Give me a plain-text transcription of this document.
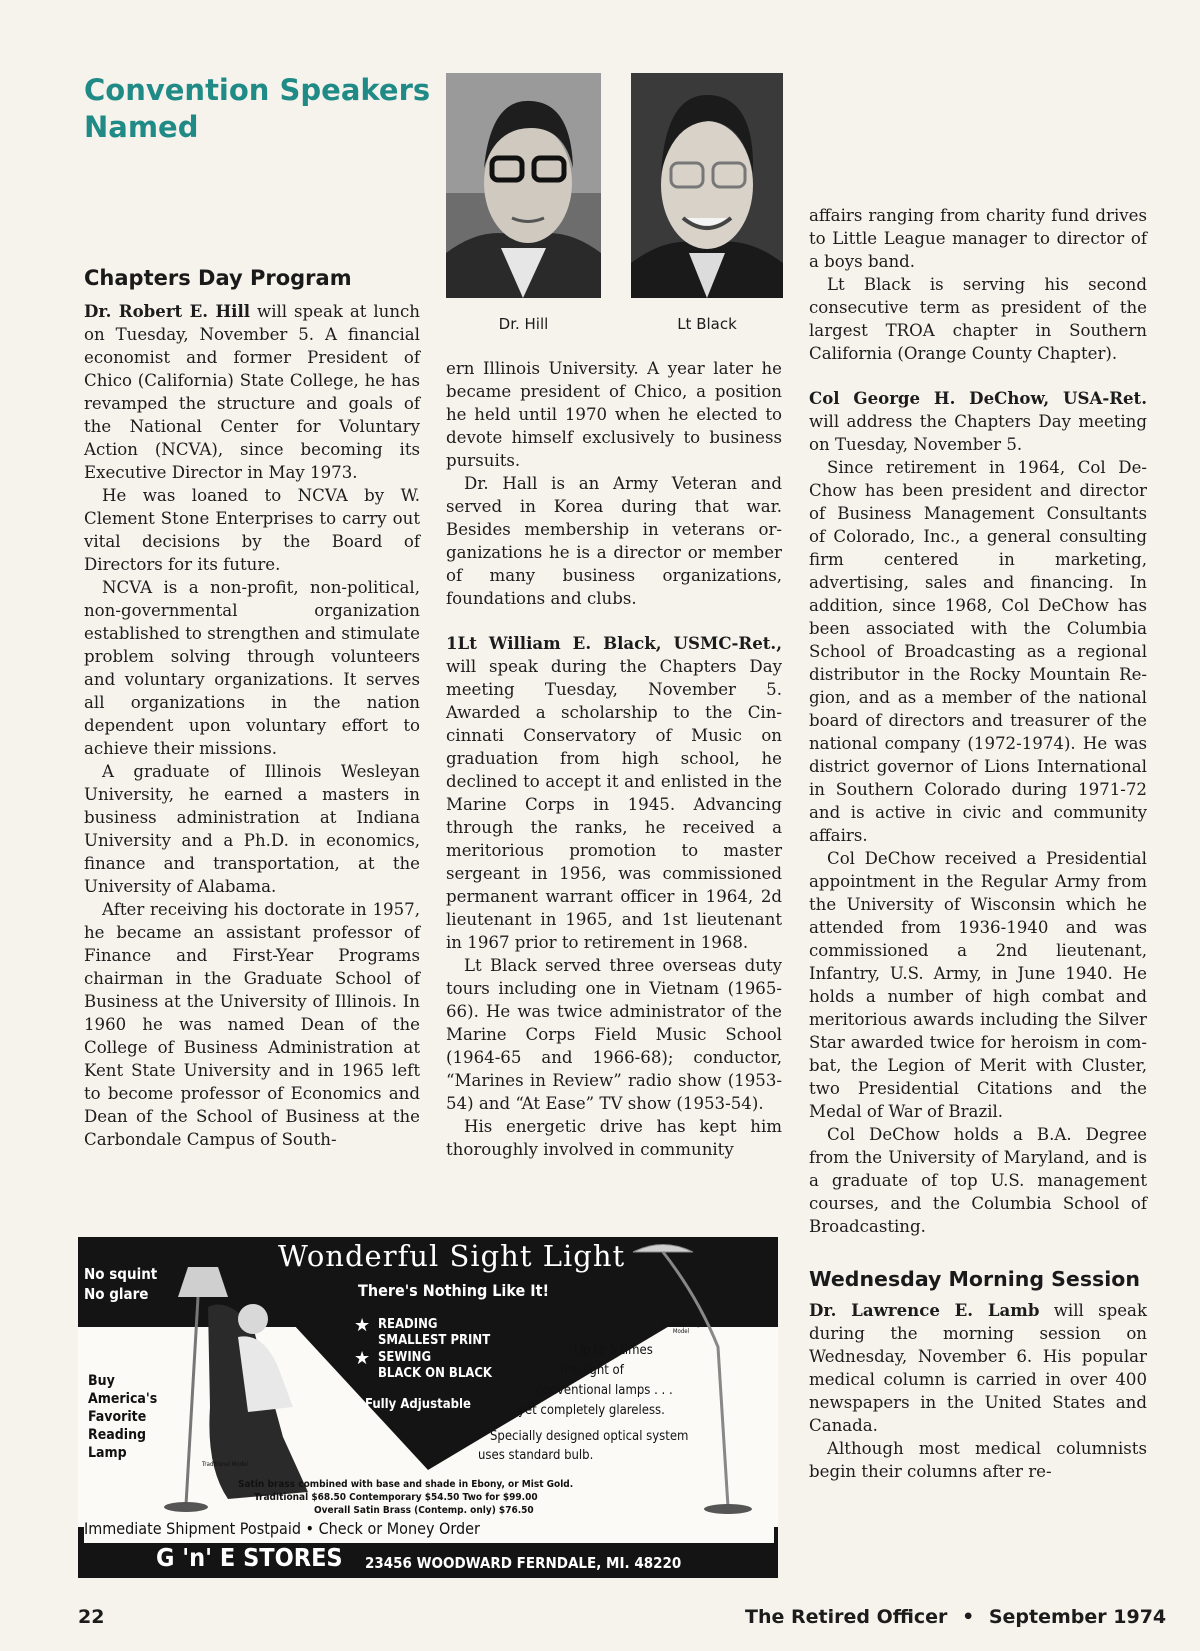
Convention Speakers
Named
Dr. Hill	Lt Black
Chapters Day Program

Dr. Robert E. Hill will speak at lunch on Tuesday, November 5. A financial economist and former President of Chico (California) State College, he has revamped the structure and goals of the National Center for Voluntary Action (NCVA), since becoming its Executive Director in May 1973.

He was loaned to NCVA by W. Clement Stone Enterprises to carry out vital decisions by the Board of Directors for its future.

NCVA is a non-profit, non-political, non-governmental organization established to strengthen and stimulate problem solving through volunteers and voluntary organizations. It serves all organizations in the nation dependent upon voluntary effort to achieve their missions.

A graduate of Illinois Wesleyan University, he earned a masters in business administration at Indiana University and a Ph.D. in economics, finance and transportation, at the University of Alabama.

After receiving his doctorate in 1957, he became an assistant professor of Finance and First-Year Programs chairman in the Graduate School of Business at the University of Illinois. In 1960 he was named Dean of the College of Business Administration at Kent State University and in 1965 left to become professor of Economics and Dean of the School of Business at the Carbondale Campus of South-

ern Illinois University. A year later he became president of Chico, a position he held until 1970 when he elected to devote himself exclusively to business pursuits.

Dr. Hall is an Army Veteran and served in Korea during that war. Besides membership in veterans organizations he is a director or member of many business organizations, foundations and clubs.

1Lt William E. Black, USMC-Ret., will speak during the Chapters Day meeting Tuesday, November 5. Awarded a scholarship to the Cincinnati Conservatory of Music on graduation from high school, he declined to accept it and enlisted in the Marine Corps in 1945. Advancing through the ranks, he received a meritorious promotion to master sergeant in 1956, was commissioned permanent warrant officer in 1964, 2d lieutenant in 1965, and 1st lieutenant in 1967 prior to retirement in 1968.

Lt Black served three overseas duty tours including one in Vietnam (1965-66). He was twice administrator of the Marine Corps Field Music School (1964-65 and 1966-68); conductor, “Marines in Review” radio show (1953-54) and “At Ease” TV show (1953-54).

His energetic drive has kept him thoroughly involved in community

affairs ranging from charity fund drives to Little League manager to director of a boys band.

Lt Black is serving his second consecutive term as president of the largest TROA chapter in Southern California (Orange County Chapter).

Col George H. DeChow, USA-Ret. will address the Chapters Day meeting on Tuesday, November 5.

Since retirement in 1964, Col DeChow has been president and director of Business Management Consultants of Colorado, Inc., a general consulting firm centered in marketing, advertising, sales and financing. In addition, since 1968, Col DeChow has been associated with the Columbia School of Broadcasting as a regional distributor in the Rocky Mountain Region, and as a member of the national board of directors and treasurer of the national company (1972-1974). He was district governor of Lions International in Southern Colorado during 1971-72 and is active in civic and community affairs.

Col DeChow received a Presidential appointment in the Regular Army from the University of Wisconsin which he attended from 1936-1940 and was commissioned a 2nd lieutenant, Infantry, U.S. Army, in June 1940. He holds a number of high combat and meritorious awards including the Silver Star awarded twice for heroism in combat, the Legion of Merit with Cluster, two Presidential Citations and the Medal of War of Brazil.

Col DeChow holds a B.A. Degree from the University of Maryland, and is a graduate of top U.S. management courses, and the Columbia School of Broadcasting.

Wednesday Morning Session

Dr. Lawrence E. Lamb will speak during the morning session on Wednesday, November 6. His popular medical column is carried in over 400 newspapers in the United States and Canada.

Although most medical columnists begin their columns after re-

★
★
No squint
No glare
Wonderful Sight Light
There's Nothing Like It!
READING
SMALLEST PRINT
SEWING
BLACK ON BLACK
Fully Adjustable
Buy
America's
Favorite
Reading
Lamp
Contemporary Model
Traditional Model
Up to 5 times
the light of
conventional lamps . . .
yet completely glareless.
Specially designed optical system
uses standard bulb.
Satin brass combined with base and shade in Ebony, or Mist Gold.
Traditional $68.50 Contemporary $54.50 Two for $99.00
Overall Satin Brass (Contemp. only) $76.50
Immediate Shipment Postpaid • Check or Money Order
G 'n' E STORES 23456 WOODWARD FERNDALE, MI. 48220
22	The Retired Officer • September 1974
